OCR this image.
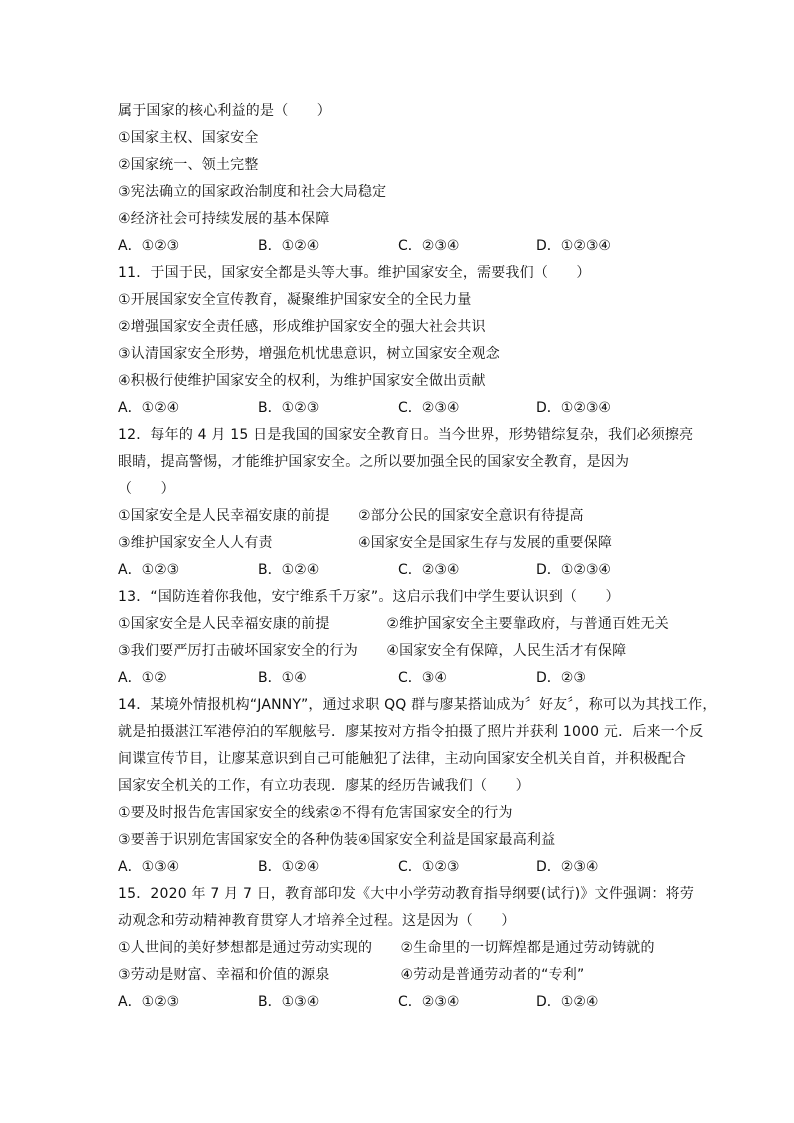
属于国家的核心利益的是（　　）
①国家主权、国家安全
②国家统一、领土完整
③宪法确立的国家政治制度和社会大局稳定
④经济社会可持续发展的基本保障
A．①②③	B．①②④	C．②③④	D．①②③④
11．于国于民，国家安全都是头等大事。维护国家安全，需要我们（　　）
①开展国家安全宣传教育，凝聚维护国家安全的全民力量
②增强国家安全责任感，形成维护国家安全的强大社会共识
③认清国家安全形势，增强危机忧患意识，树立国家安全观念
④积极行使维护国家安全的权利，为维护国家安全做出贡献
A．①②④	B．①②③	C．②③④	D．①②③④
12．每年的 4 月 15 日是我国的国家安全教育日。当今世界，形势错综复杂，我们必须擦亮
眼睛，提高警惕，才能维护国家安全。之所以要加强全民的国家安全教育，是因为
（　　）
①国家安全是人民幸福安康的前提　　②部分公民的国家安全意识有待提高
③维护国家安全人人有责　　　　　　④国家安全是国家生存与发展的重要保障
A．①②③	B．①②④	C．②③④	D．①②③④
13．“国防连着你我他，安宁维系千万家”。这启示我们中学生要认识到（　　）
①国家安全是人民幸福安康的前提　　　　②维护国家安全主要靠政府，与普通百姓无关
③我们要严厉打击破坏国家安全的行为　　④国家安全有保障，人民生活才有保障
A．①②	B．①④	C．③④	D．②③
14．某境外情报机构“JANNY”，通过求职 QQ 群与廖某搭讪成为〞好友〞，称可以为其找工作，
就是拍摄湛江军港停泊的军舰舷号．廖某按对方指令拍摄了照片并获利 1000 元．后来一个反
间谍宣传节目，让廖某意识到自己可能触犯了法律，主动向国家安全机关自首，并积极配合
国家安全机关的工作，有立功表现．廖某的经历告诫我们（　　）
①要及时报告危害国家安全的线索②不得有危害国家安全的行为
③要善于识别危害国家安全的各种伪装④国家安全利益是国家最高利益
A．①③④	B．①②④	C．①②③	D．②③④
15．2020 年 7 月 7 日，教育部印发《大中小学劳动教育指导纲要(试行)》文件强调：将劳
动观念和劳动精神教育贯穿人才培养全过程。这是因为（　　）
①人世间的美好梦想都是通过劳动实现的　　②生命里的一切辉煌都是通过劳动铸就的
③劳动是财富、幸福和价值的源泉　　　　　④劳动是普通劳动者的“专利”
A．①②③	B．①③④	C．②③④	D．①②④
